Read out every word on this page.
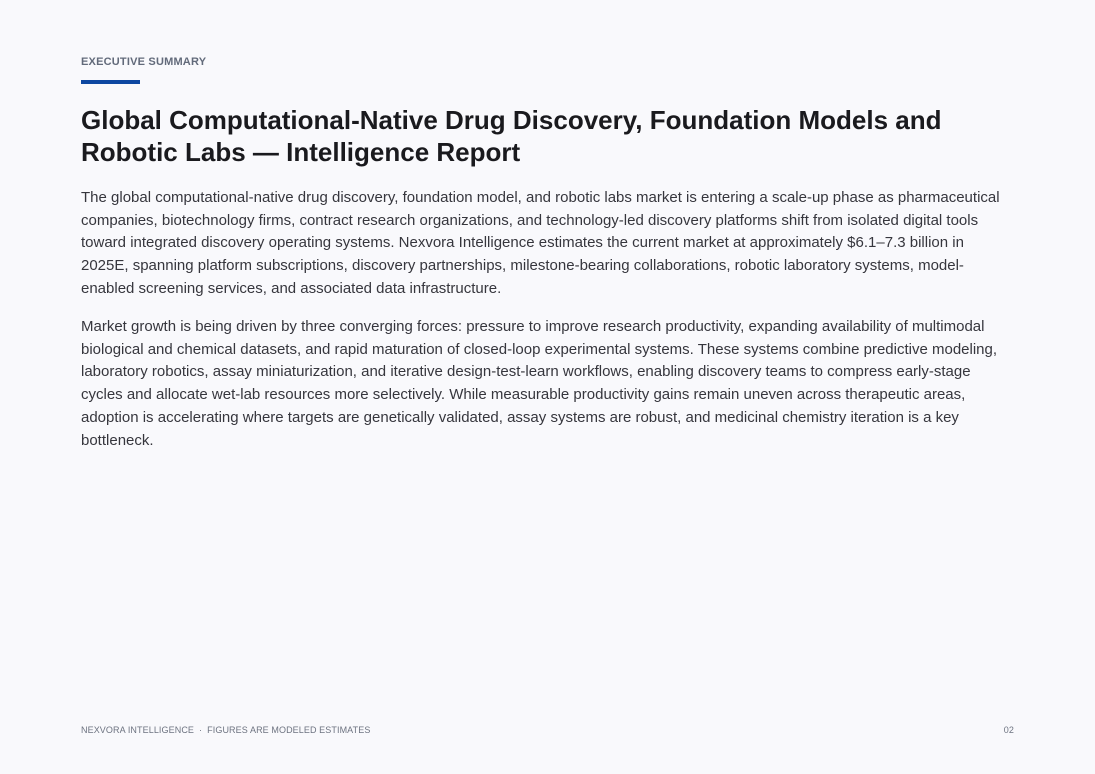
EXECUTIVE SUMMARY

Global Computational-Native Drug Discovery, Foundation Models and Robotic Labs — Intelligence Report

The global computational-native drug discovery, foundation model, and robotic labs market is entering a scale-up phase as pharmaceutical companies, biotechnology firms, contract research organizations, and technology-led discovery platforms shift from isolated digital tools toward integrated discovery operating systems. Nexvora Intelligence estimates the current market at approximately $6.1–7.3 billion in 2025E, spanning platform subscriptions, discovery partnerships, milestone-bearing collaborations, robotic laboratory systems, model-enabled screening services, and associated data infrastructure.

Market growth is being driven by three converging forces: pressure to improve research productivity, expanding availability of multimodal biological and chemical datasets, and rapid maturation of closed-loop experimental systems. These systems combine predictive modeling, laboratory robotics, assay miniaturization, and iterative design-test-learn workflows, enabling discovery teams to compress early-stage cycles and allocate wet-lab resources more selectively. While measurable productivity gains remain uneven across therapeutic areas, adoption is accelerating where targets are genetically validated, assay systems are robust, and medicinal chemistry iteration is a key bottleneck.

NEXVORA INTELLIGENCE · FIGURES ARE MODELED ESTIMATES	02
